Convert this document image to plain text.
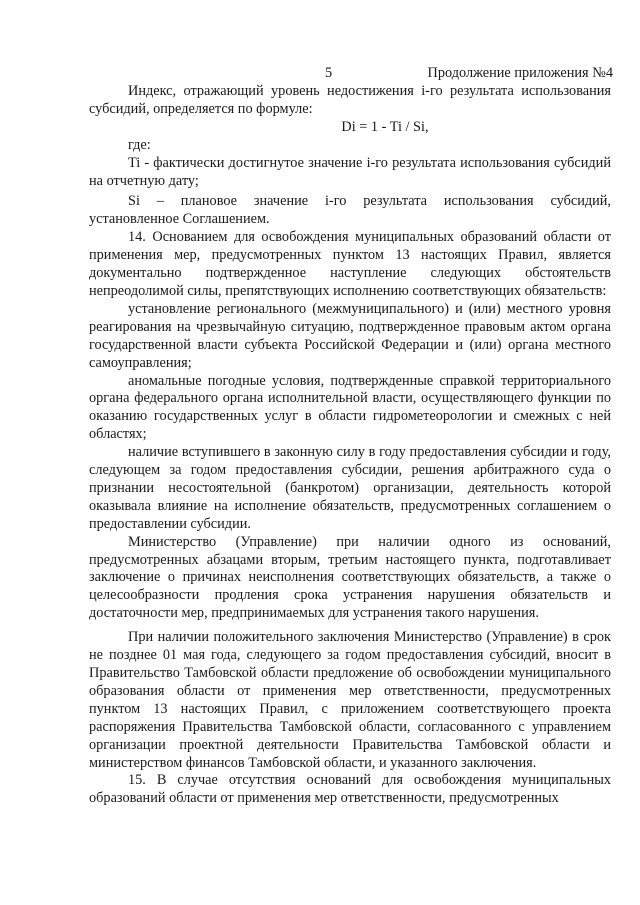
5	Продолжение приложения №4

Индекс, отражающий уровень недостижения i-го результата использования субсидий, определяется по формуле:

Di = 1 - Ti / Si,

где:

Ti - фактически достигнутое значение i-го результата использования субсидий на отчетную дату;

Si – плановое значение i-го результата использования субсидий, установленное Соглашением.

14. Основанием для освобождения муниципальных образований области от применения мер, предусмотренных пунктом 13 настоящих Правил, является документально подтвержденное наступление следующих обстоятельств непреодолимой силы, препятствующих исполнению соответствующих обязательств:

установление регионального (межмуниципального) и (или) местного уровня реагирования на чрезвычайную ситуацию, подтвержденное правовым актом органа государственной власти субъекта Российской Федерации и (или) органа местного самоуправления;

аномальные погодные условия, подтвержденные справкой территориального органа федерального органа исполнительной власти, осуществляющего функции по оказанию государственных услуг в области гидрометеорологии и смежных с ней областях;

наличие вступившего в законную силу в году предоставления субсидии и году, следующем за годом предоставления субсидии, решения арбитражного суда о признании несостоятельной (банкротом) организации, деятельность которой оказывала влияние на исполнение обязательств, предусмотренных соглашением о предоставлении субсидии.

Министерство (Управление) при наличии одного из оснований, предусмотренных абзацами вторым, третьим настоящего пункта, подготавливает заключение о причинах неисполнения соответствующих обязательств, а также о целесообразности продления срока устранения нарушения обязательств и достаточности мер, предпринимаемых для устранения такого нарушения.

При наличии положительного заключения Министерство (Управление) в срок не позднее 01 мая года, следующего за годом предоставления субсидий, вносит в Правительство Тамбовской области предложение об освобождении муниципального образования области от применения мер ответственности, предусмотренных пунктом 13 настоящих Правил, с приложением соответствующего проекта распоряжения Правительства Тамбовской области, согласованного с управлением организации проектной деятельности Правительства Тамбовской области и министерством финансов Тамбовской области, и указанного заключения.

15. В случае отсутствия оснований для освобождения муниципальных образований области от применения мер ответственности, предусмотренных
